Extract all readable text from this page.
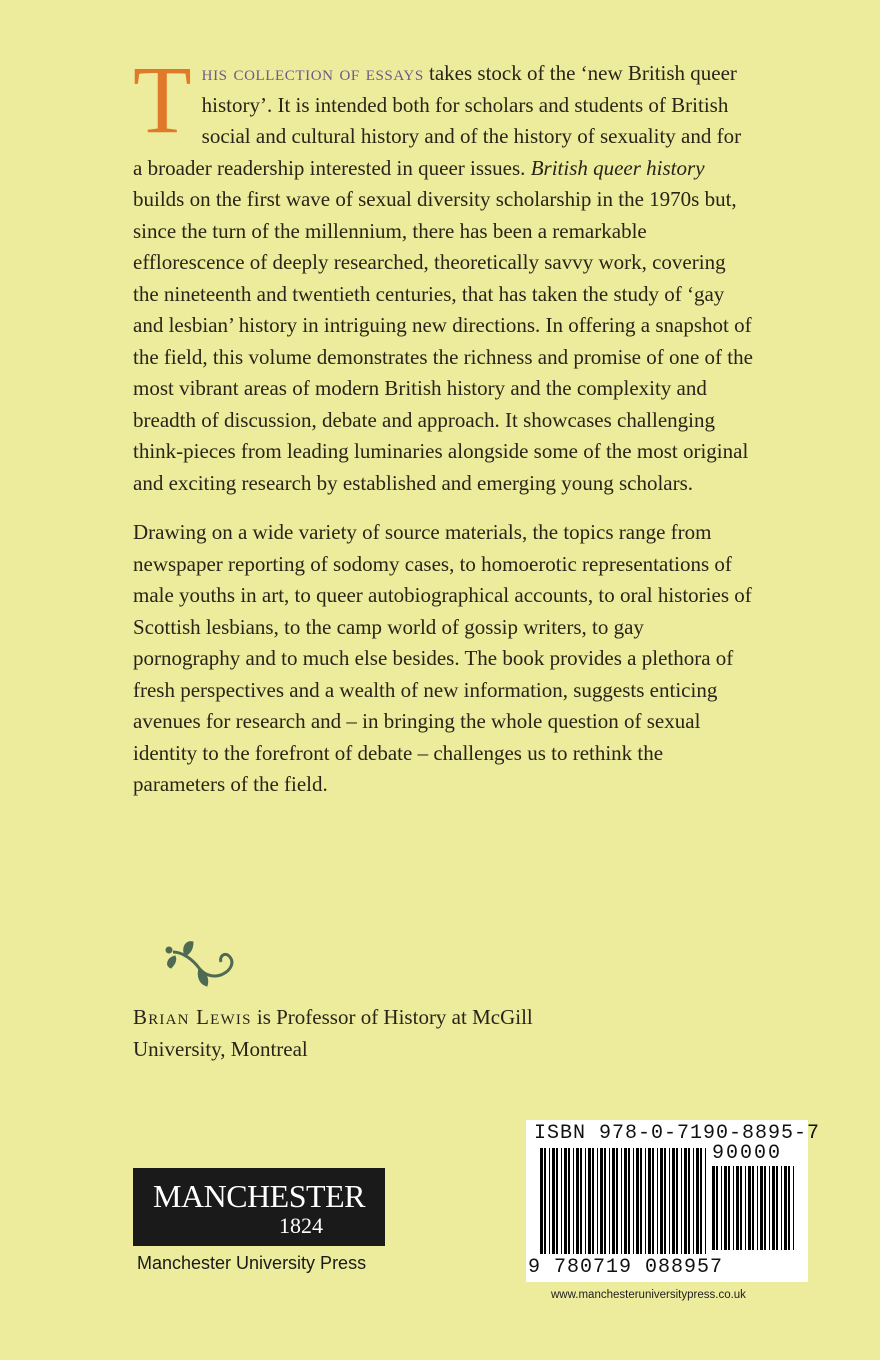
This collection of essays takes stock of the ‘new British queer history’. It is intended both for scholars and students of British social and cultural history and of the history of sexuality and for a broader readership interested in queer issues. British queer history builds on the first wave of sexual diversity scholarship in the 1970s but, since the turn of the millennium, there has been a remarkable efflorescence of deeply researched, theoretically savvy work, covering the nineteenth and twentieth centuries, that has taken the study of ‘gay and lesbian’ history in intriguing new directions. In offering a snapshot of the field, this volume demonstrates the richness and promise of one of the most vibrant areas of modern British history and the complexity and breadth of discussion, debate and approach. It showcases challenging think-pieces from leading luminaries alongside some of the most original and exciting research by established and emerging young scholars.

Drawing on a wide variety of source materials, the topics range from newspaper reporting of sodomy cases, to homoerotic representations of male youths in art, to queer autobiographical accounts, to oral histories of Scottish lesbians, to the camp world of gossip writers, to gay pornography and to much else besides. The book provides a plethora of fresh perspectives and a wealth of new information, suggests enticing avenues for research and – in bringing the whole question of sexual identity to the forefront of debate – challenges us to rethink the parameters of the field.

Brian Lewis is Professor of History at McGill University, Montreal
MANCHESTER
1824
Manchester University Press
ISBN 978-0-7190-8895-7
90000
9 780719 088957
www.manchesteruniversitypress.co.uk
